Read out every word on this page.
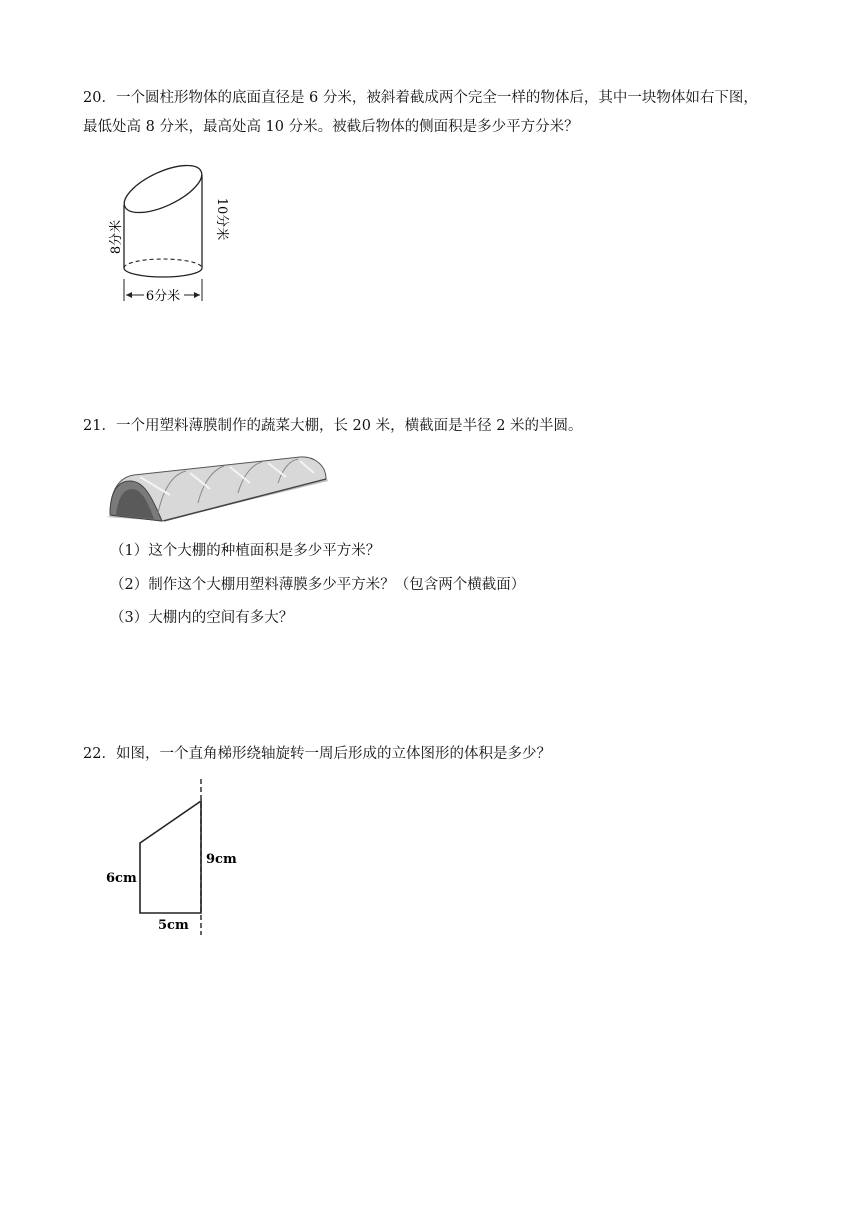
20．一个圆柱形物体的底面直径是 6 分米，被斜着截成两个完全一样的物体后，其中一块物体如右下图，
最低处高 8 分米，最高处高 10 分米。被截后物体的侧面积是多少平方分米？
6分米
8分米	10分米
21．一个用塑料薄膜制作的蔬菜大棚，长 20 米，横截面是半径 2 米的半圆。
（1）这个大棚的种植面积是多少平方米？
（2）制作这个大棚用塑料薄膜多少平方米？（包含两个横截面）
（3）大棚内的空间有多大？
22．如图，一个直角梯形绕轴旋转一周后形成的立体图形的体积是多少？
6cm
9cm
5cm
